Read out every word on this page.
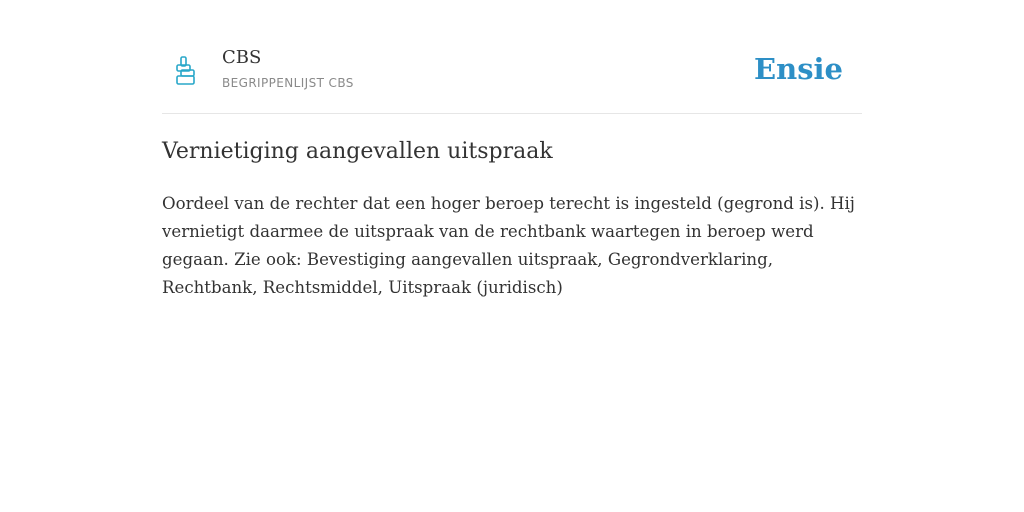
CBS
BEGRIPPENLIJST CBS	Ensie
Vernietiging aangevallen uitspraak

Oordeel van de rechter dat een hoger beroep terecht is ingesteld (gegrond is). Hij vernietigt daarmee de uitspraak van de rechtbank waartegen in beroep werd gegaan. Zie ook: Bevestiging aangevallen uitspraak, Gegrondverklaring, Rechtbank, Rechtsmiddel, Uitspraak (juridisch)
